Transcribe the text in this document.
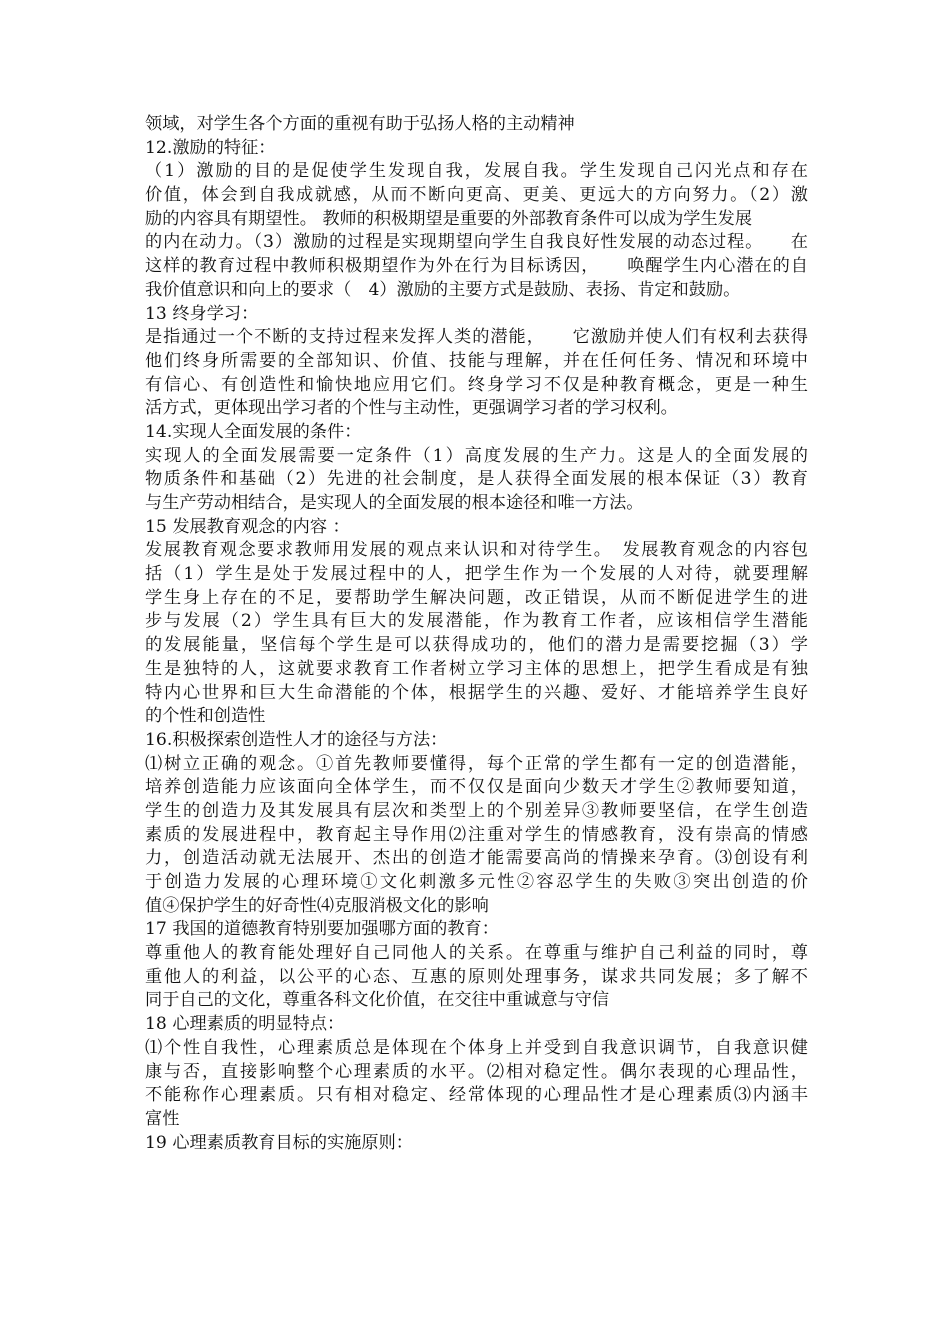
领域，对学生各个方面的重视有助于弘扬人格的主动精神
12.激励的特征：
（1）激励的目的是促使学生发现自我，发展自我。学生发现自己闪光点和存在
价值，体会到自我成就感，从而不断向更高、更美、更远大的方向努力。（2）激
励的内容具有期望性。 教师的积极期望是重要的外部教育条件可以成为学生发展
的内在动力。（3）激励的过程是实现期望向学生自我良好性发展的动态过程。　　在
这样的教育过程中教师积极期望作为外在行为目标诱因，　　唤醒学生内心潜在的自
我价值意识和向上的要求（　4）激励的主要方式是鼓励、表扬、肯定和鼓励。
13 终身学习：
是指通过一个不断的支持过程来发挥人类的潜能，　　它激励并使人们有权利去获得
他们终身所需要的全部知识、价值、技能与理解，并在任何任务、情况和环境中
有信心、有创造性和愉快地应用它们。终身学习不仅是种教育概念，更是一种生
活方式，更体现出学习者的个性与主动性，更强调学习者的学习权利。
14.实现人全面发展的条件：
实现人的全面发展需要一定条件（1）高度发展的生产力。这是人的全面发展的
物质条件和基础（2）先进的社会制度，是人获得全面发展的根本保证（3）教育
与生产劳动相结合，是实现人的全面发展的根本途径和唯一方法。
15 发展教育观念的内容 ：
发展教育观念要求教师用发展的观点来认识和对待学生。　发展教育观念的内容包
括（1）学生是处于发展过程中的人，把学生作为一个发展的人对待，就要理解
学生身上存在的不足，要帮助学生解决问题，改正错误，从而不断促进学生的进
步与发展（2）学生具有巨大的发展潜能，作为教育工作者，应该相信学生潜能
的发展能量，坚信每个学生是可以获得成功的，他们的潜力是需要挖掘（3）学
生是独特的人，这就要求教育工作者树立学习主体的思想上，把学生看成是有独
特内心世界和巨大生命潜能的个体，根据学生的兴趣、爱好、才能培养学生良好
的个性和创造性
16.积极探索创造性人才的途径与方法：
⑴树立正确的观念。①首先教师要懂得，每个正常的学生都有一定的创造潜能，
培养创造能力应该面向全体学生，而不仅仅是面向少数天才学生②教师要知道，
学生的创造力及其发展具有层次和类型上的个别差异③教师要坚信，在学生创造
素质的发展进程中，教育起主导作用⑵注重对学生的情感教育，没有崇高的情感
力，创造活动就无法展开、杰出的创造才能需要高尚的情操来孕育。⑶创设有利
于创造力发展的心理环境①文化刺激多元性②容忍学生的失败③突出创造的价
值④保护学生的好奇性⑷克服消极文化的影响
17 我国的道德教育特别要加强哪方面的教育：
尊重他人的教育能处理好自己同他人的关系。在尊重与维护自己利益的同时，尊
重他人的利益，以公平的心态、互惠的原则处理事务，谋求共同发展；多了解不
同于自己的文化，尊重各科文化价值，在交往中重诚意与守信
18 心理素质的明显特点：
⑴个性自我性，心理素质总是体现在个体身上并受到自我意识调节，自我意识健
康与否，直接影响整个心理素质的水平。⑵相对稳定性。偶尔表现的心理品性，
不能称作心理素质。只有相对稳定、经常体现的心理品性才是心理素质⑶内涵丰
富性
19 心理素质教育目标的实施原则：
